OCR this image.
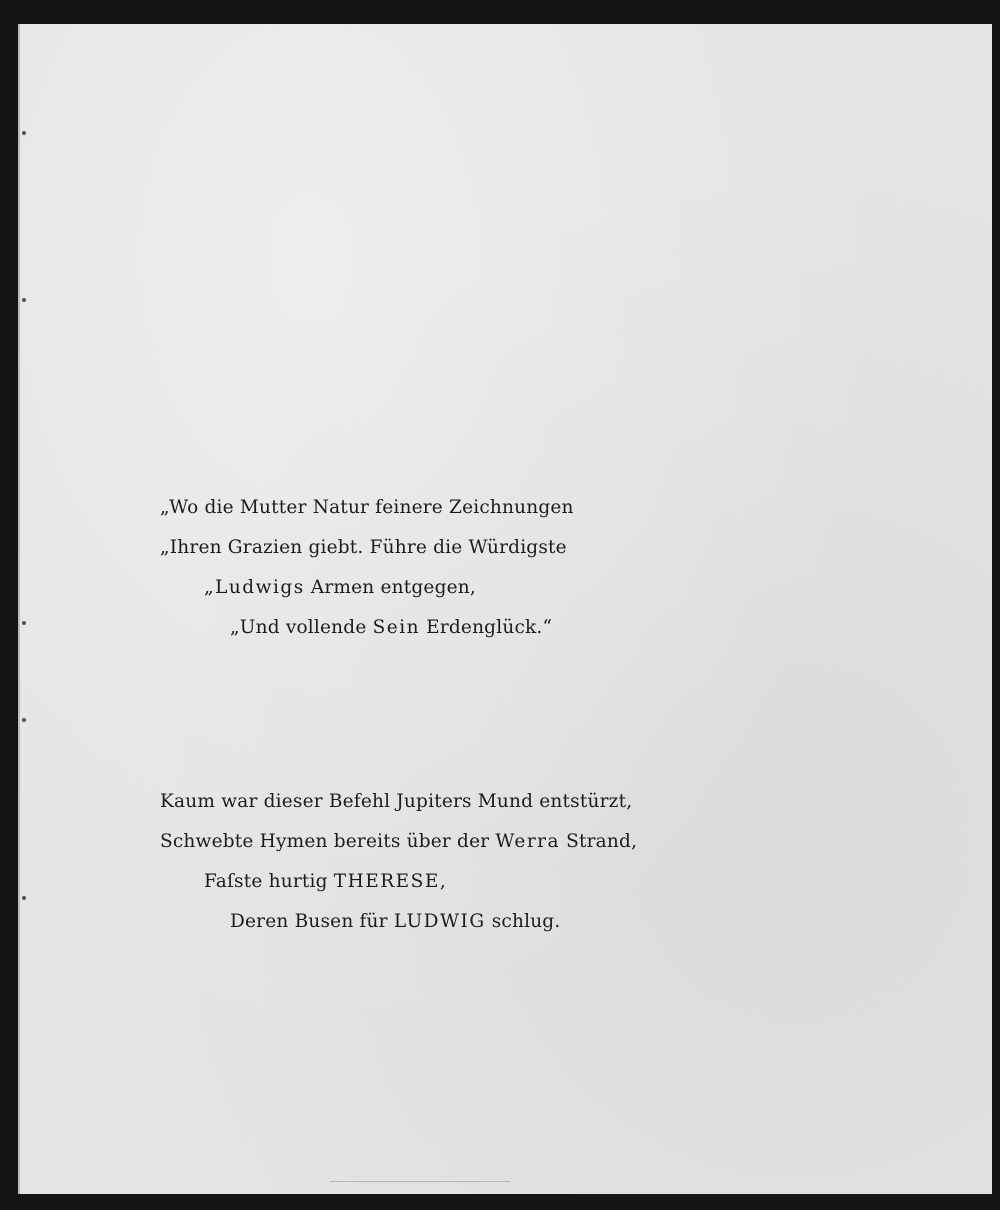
„Wo die Mutter Natur feinere Zeichnungen
„Ihren Grazien giebt. Führe die Würdigste
„Ludwigs Armen entgegen,
„Und vollende Sein Erdenglück.“
Kaum war dieser Befehl Jupiters Mund entstürzt,
Schwebte Hymen bereits über der Werra Strand,
Faſste hurtig THERESE,
Deren Busen für LUDWIG schlug.
